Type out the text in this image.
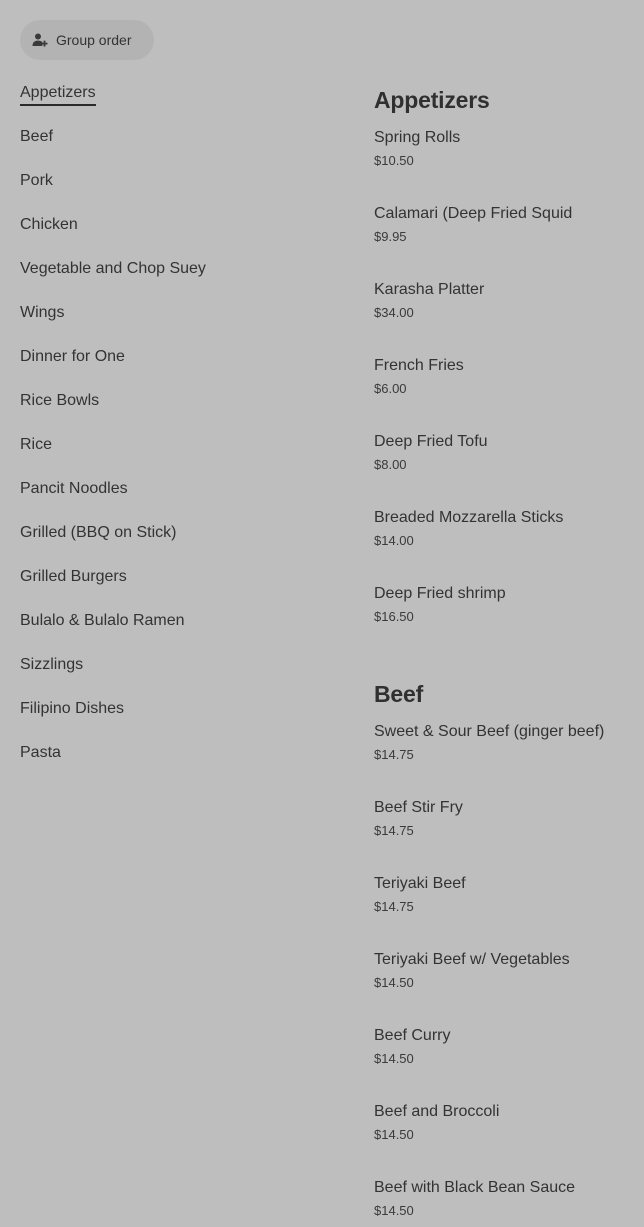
Group order
Appetizers
Beef
Pork
Chicken
Vegetable and Chop Suey
Wings
Dinner for One
Rice Bowls
Rice
Pancit Noodles
Grilled (BBQ on Stick)
Grilled Burgers
Bulalo & Bulalo Ramen
Sizzlings
Filipino Dishes
Pasta
Appetizers
Spring Rolls
$10.50
Calamari (Deep Fried Squid
$9.95
Karasha Platter
$34.00
French Fries
$6.00
Deep Fried Tofu
$8.00
Breaded Mozzarella Sticks
$14.00
Deep Fried shrimp
$16.50
Beef
Sweet & Sour Beef (ginger beef)
$14.75
Beef Stir Fry
$14.75
Teriyaki Beef
$14.75
Teriyaki Beef w/ Vegetables
$14.50
Beef Curry
$14.50
Beef and Broccoli
$14.50
Beef with Black Bean Sauce
$14.50
